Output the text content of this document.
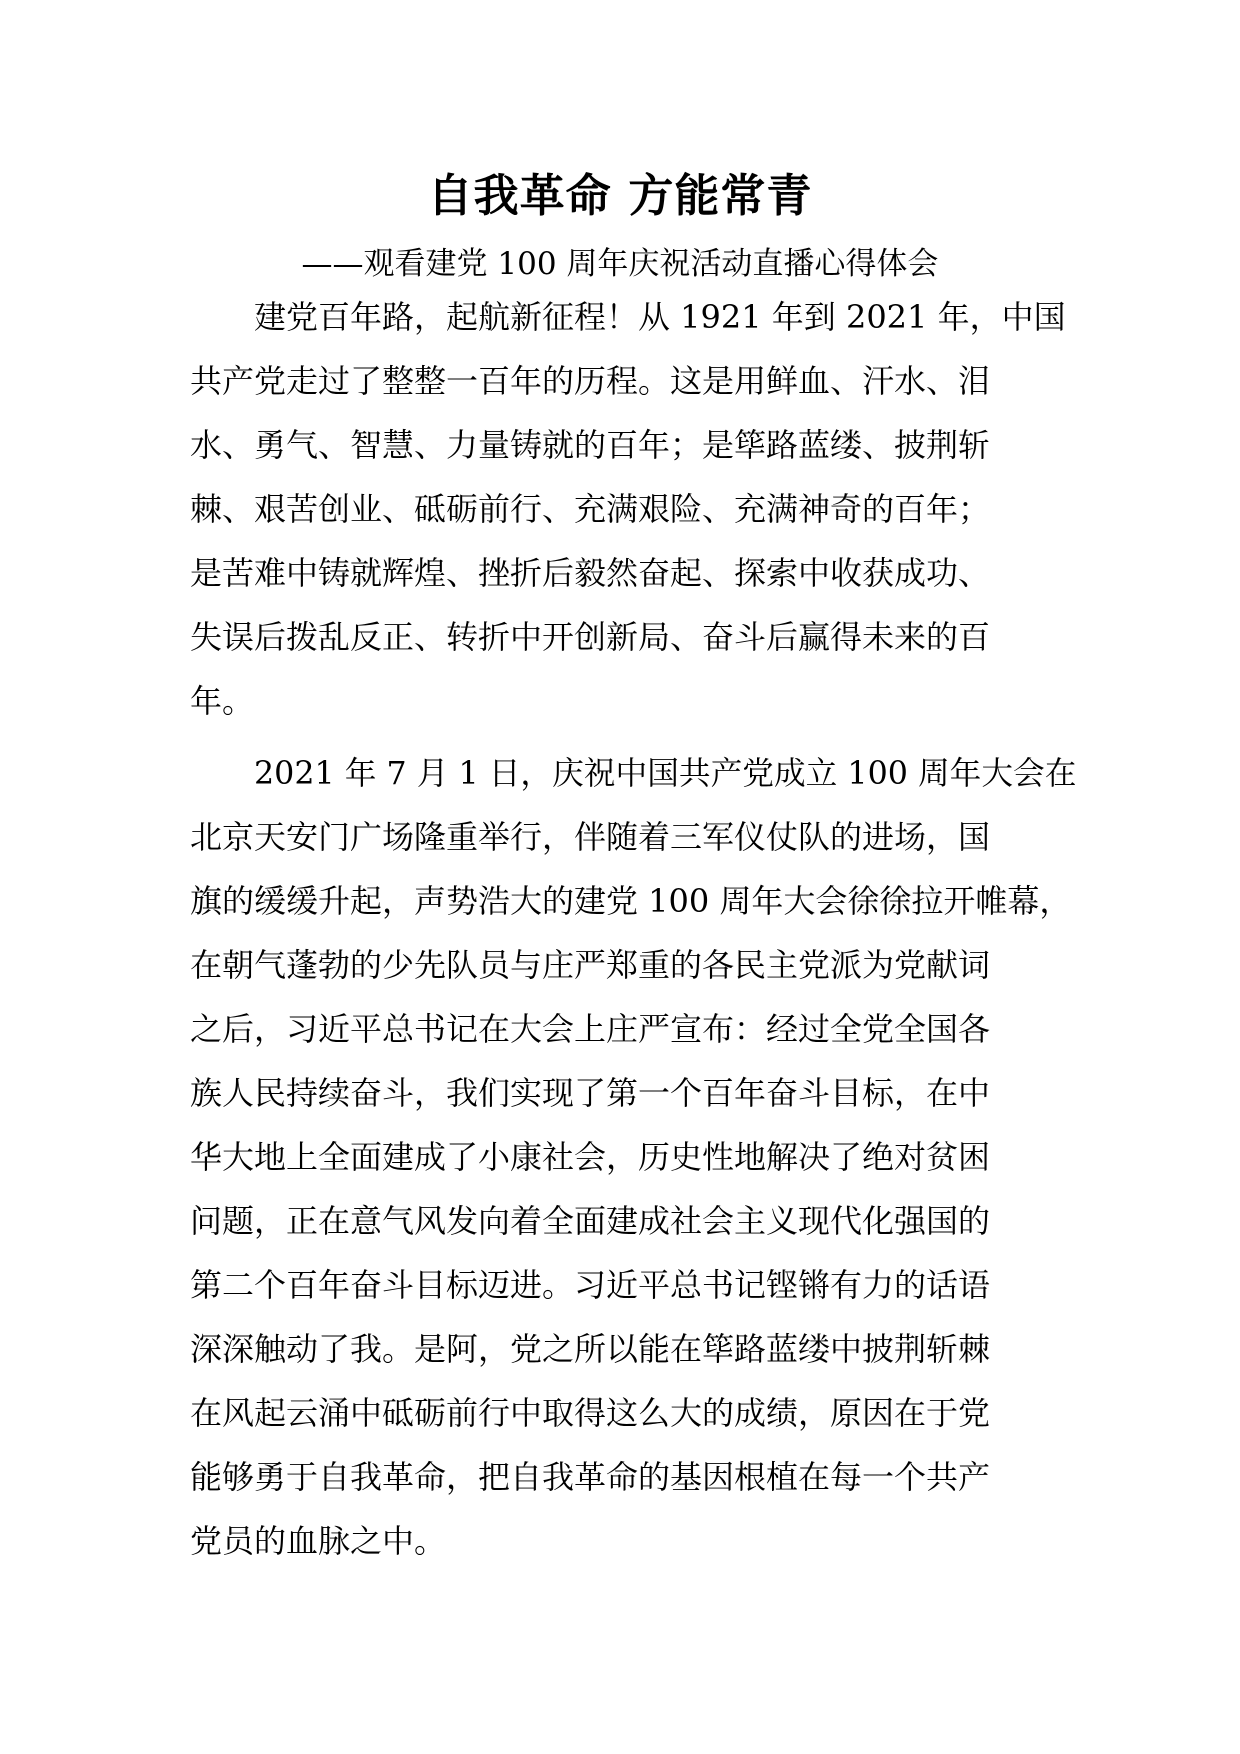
自我革命 方能常青
——观看建党 100 周年庆祝活动直播心得体会
建党百年路，起航新征程！从 1921 年到 2021 年，中国
共产党走过了整整一百年的历程。这是用鲜血、汗水、泪
水、勇气、智慧、力量铸就的百年；是筚路蓝缕、披荆斩
棘、艰苦创业、砥砺前行、充满艰险、充满神奇的百年；
是苦难中铸就辉煌、挫折后毅然奋起、探索中收获成功、
失误后拨乱反正、转折中开创新局、奋斗后赢得未来的百
年。
2021 年 7 月 1 日，庆祝中国共产党成立 100 周年大会在
北京天安门广场隆重举行，伴随着三军仪仗队的进场，国
旗的缓缓升起，声势浩大的建党 100 周年大会徐徐拉开帷幕，
在朝气蓬勃的少先队员与庄严郑重的各民主党派为党献词
之后，习近平总书记在大会上庄严宣布：经过全党全国各
族人民持续奋斗，我们实现了第一个百年奋斗目标，在中
华大地上全面建成了小康社会，历史性地解决了绝对贫困
问题，正在意气风发向着全面建成社会主义现代化强国的
第二个百年奋斗目标迈进。习近平总书记铿锵有力的话语
深深触动了我。是阿，党之所以能在筚路蓝缕中披荆斩棘
在风起云涌中砥砺前行中取得这么大的成绩，原因在于党
能够勇于自我革命，把自我革命的基因根植在每一个共产
党员的血脉之中。
